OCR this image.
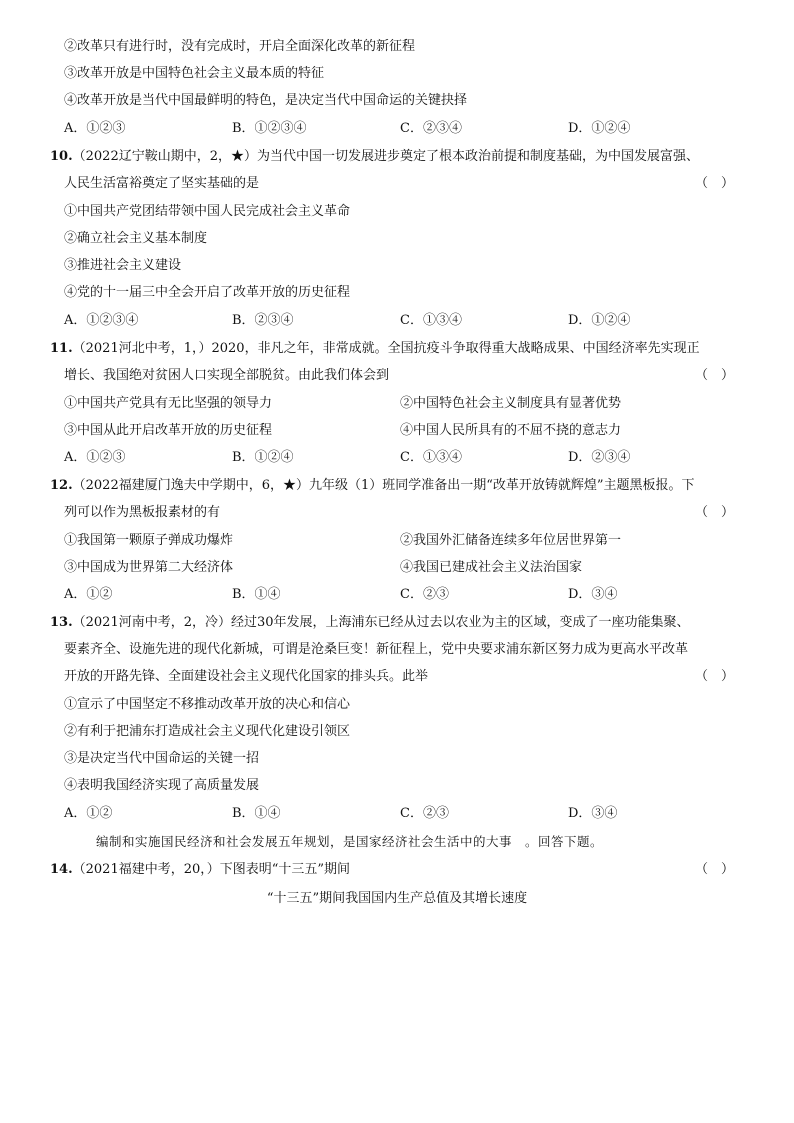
②改革只有进行时，没有完成时，开启全面深化改革的新征程
③改革开放是中国特色社会主义最本质的特征
④改革开放是当代中国最鲜明的特色，是决定当代中国命运的关键抉择
A．①②③	B．①②③④	C．②③④	D．①②④
10.（2022辽宁鞍山期中，2，★）为当代中国一切发展进步奠定了根本政治前提和制度基础，为中国发展富强、
人民生活富裕奠定了坚实基础的是	（　）
①中国共产党团结带领中国人民完成社会主义革命
②确立社会主义基本制度
③推进社会主义建设
④党的十一届三中全会开启了改革开放的历史征程
A．①②③④	B．②③④	C．①③④	D．①②④
11.（2021河北中考，1，）2020，非凡之年，非常成就。全国抗疫斗争取得重大战略成果、中国经济率先实现正
增长、我国绝对贫困人口实现全部脱贫。由此我们体会到	（　）
①中国共产党具有无比坚强的领导力	②中国特色社会主义制度具有显著优势
③中国从此开启改革开放的历史征程	④中国人民所具有的不屈不挠的意志力
A．①②③	B．①②④	C．①③④	D．②③④
12.（2022福建厦门逸夫中学期中，6，★）九年级（1）班同学准备出一期“改革开放铸就辉煌”主题黑板报。下
列可以作为黑板报素材的有	（　）
①我国第一颗原子弹成功爆炸	②我国外汇储备连续多年位居世界第一
③中国成为世界第二大经济体	④我国已建成社会主义法治国家
A．①②	B．①④	C．②③	D．③④
13.（2021河南中考，2，冷）经过30年发展，上海浦东已经从过去以农业为主的区域，变成了一座功能集聚、
要素齐全、设施先进的现代化新城，可谓是沧桑巨变！新征程上，党中央要求浦东新区努力成为更高水平改革
开放的开路先锋、全面建设社会主义现代化国家的排头兵。此举	（　）
①宣示了中国坚定不移推动改革开放的决心和信心
②有利于把浦东打造成社会主义现代化建设引领区
③是决定当代中国命运的关键一招
④表明我国经济实现了高质量发展
A．①②	B．①④	C．②③	D．③④
编制和实施国民经济和社会发展五年规划，是国家经济社会生活中的大事　。回答下题。
14.（2021福建中考，20，）下图表明“十三五”期间	（　）
“十三五”期间我国国内生产总值及其增长速度
